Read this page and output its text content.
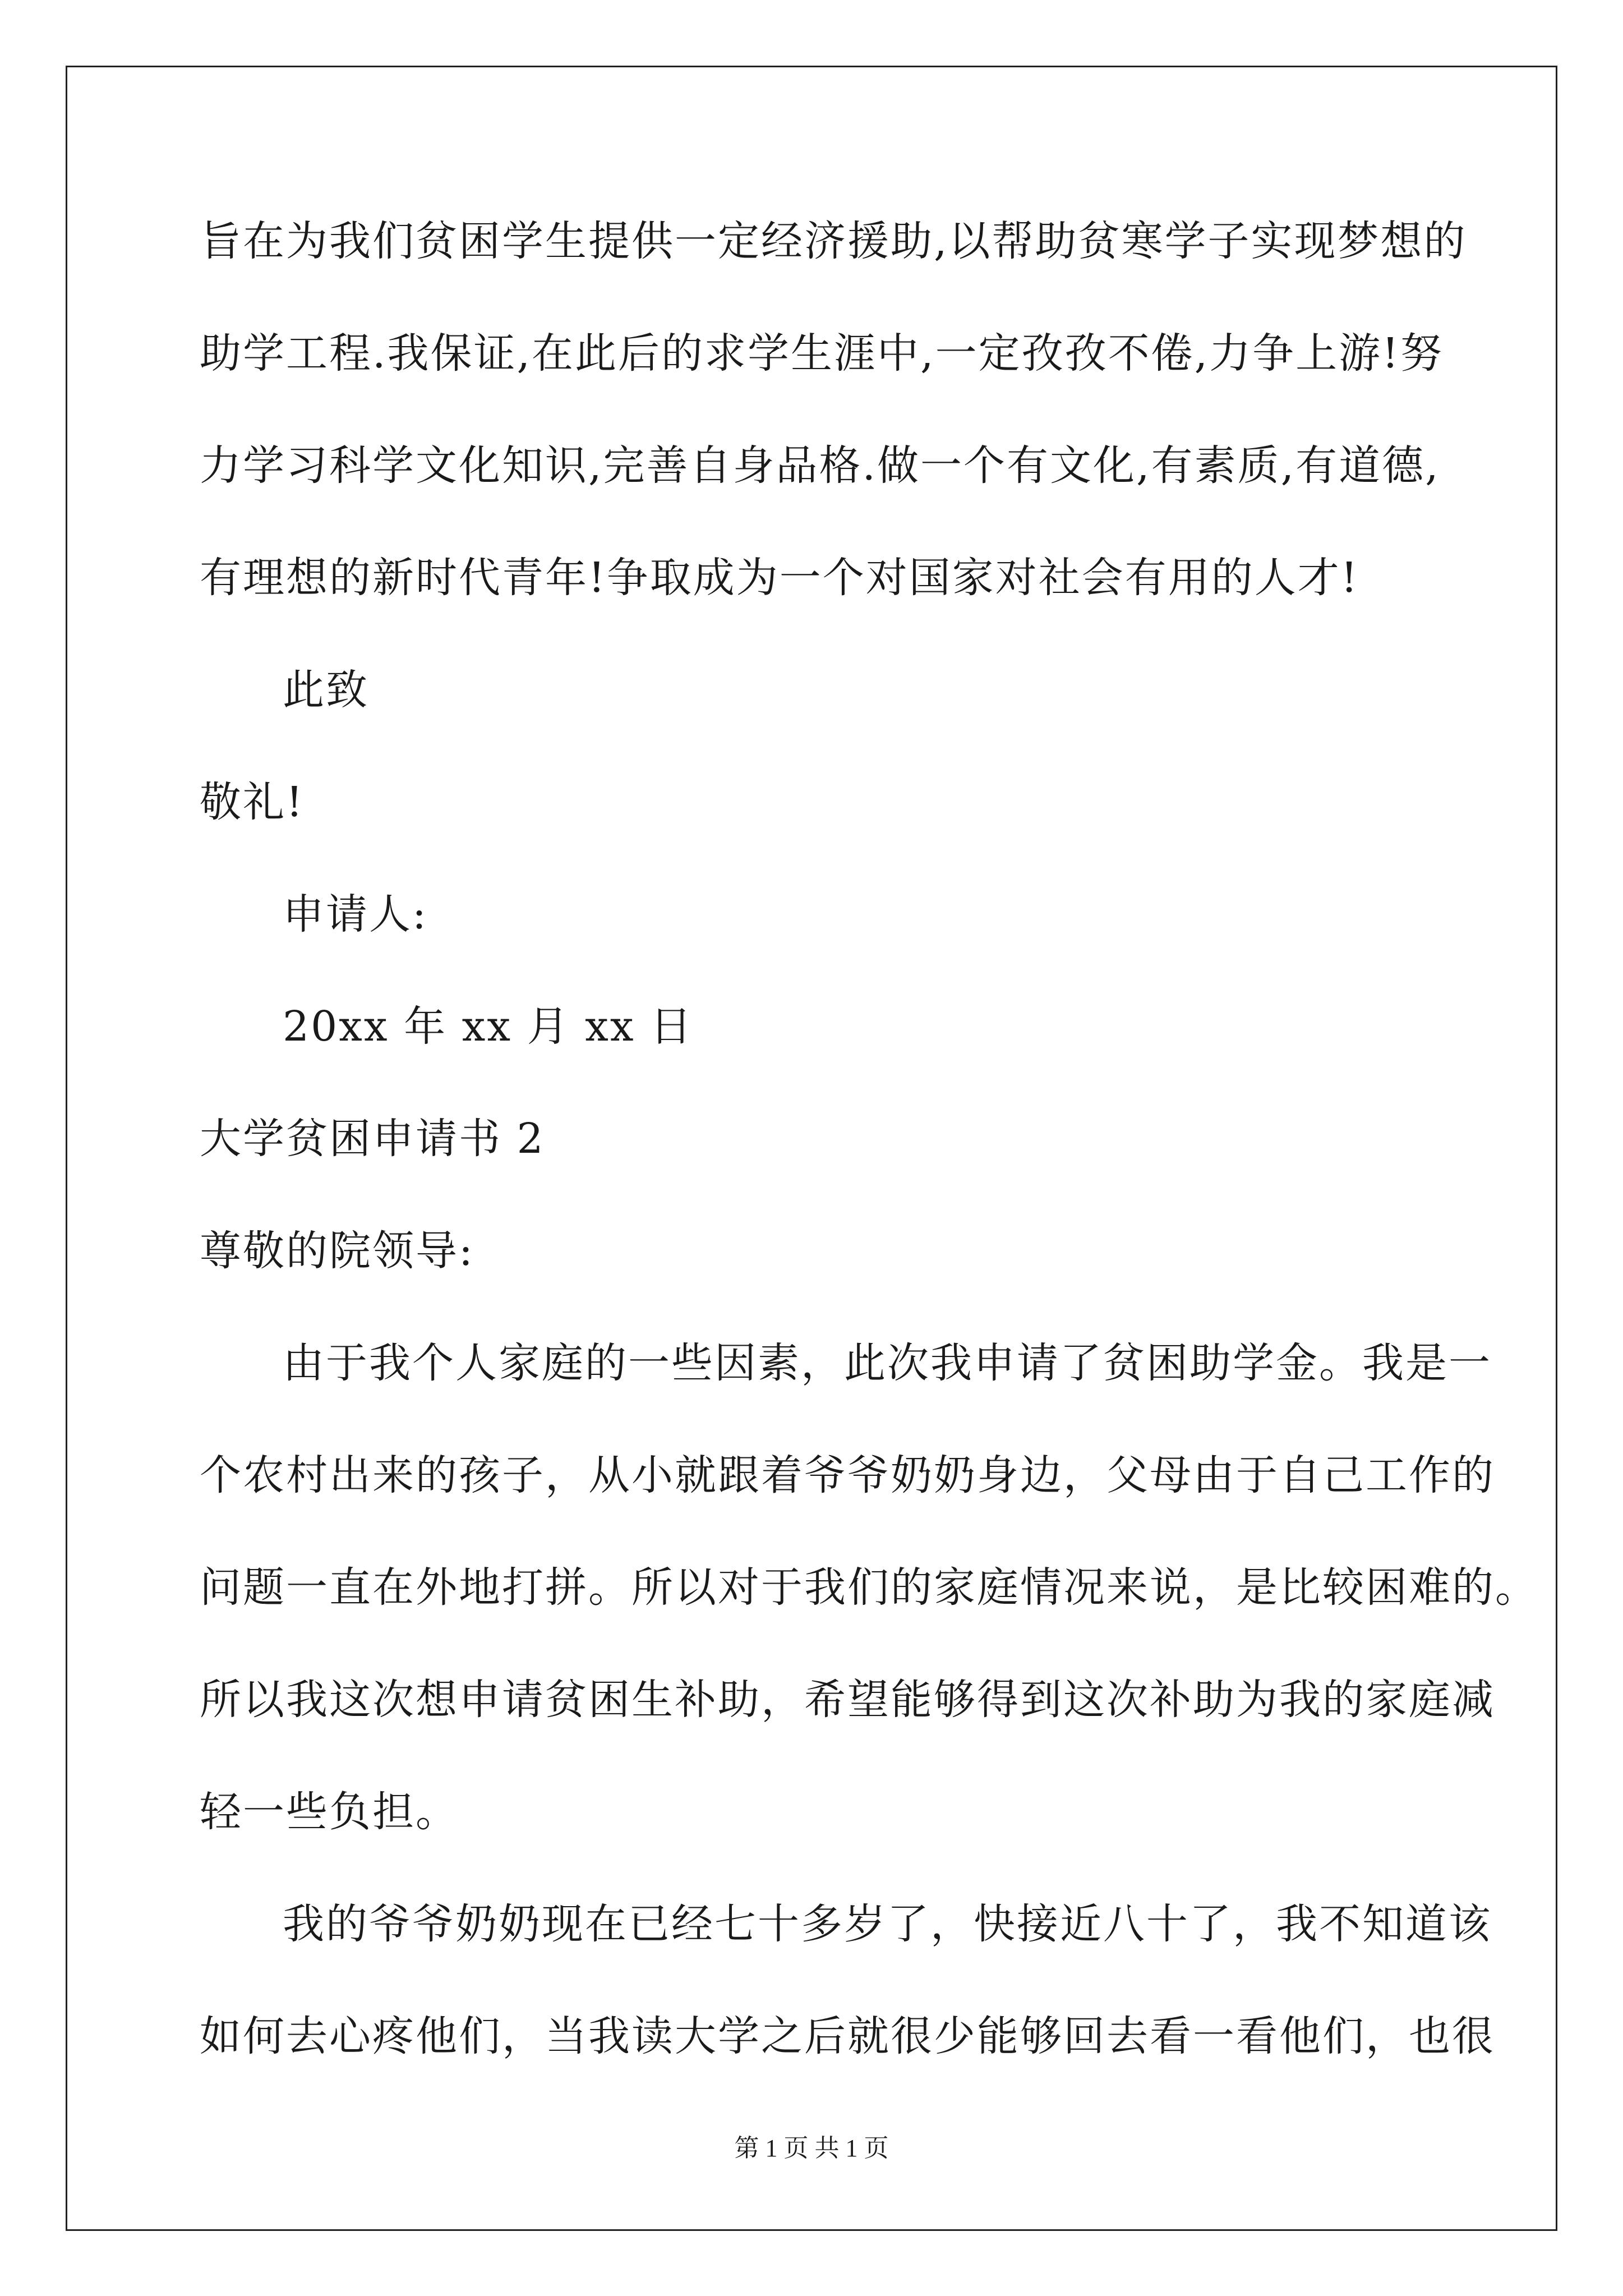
旨在为我们贫困学生提供一定经济援助,以帮助贫寒学子实现梦想的
助学工程.我保证,在此后的求学生涯中,一定孜孜不倦,力争上游!努
力学习科学文化知识,完善自身品格.做一个有文化,有素质,有道德,
有理想的新时代青年!争取成为一个对国家对社会有用的人才!
此致
敬礼!
申请人:
20xx 年 xx 月 xx 日
大学贫困申请书 2
尊敬的院领导:
由于我个人家庭的一些因素，此次我申请了贫困助学金。我是一
个农村出来的孩子，从小就跟着爷爷奶奶身边，父母由于自己工作的
问题一直在外地打拼。所以对于我们的家庭情况来说，是比较困难的。
所以我这次想申请贫困生补助，希望能够得到这次补助为我的家庭减
轻一些负担。
我的爷爷奶奶现在已经七十多岁了，快接近八十了，我不知道该
如何去心疼他们，当我读大学之后就很少能够回去看一看他们，也很
第 1 页 共 1 页
